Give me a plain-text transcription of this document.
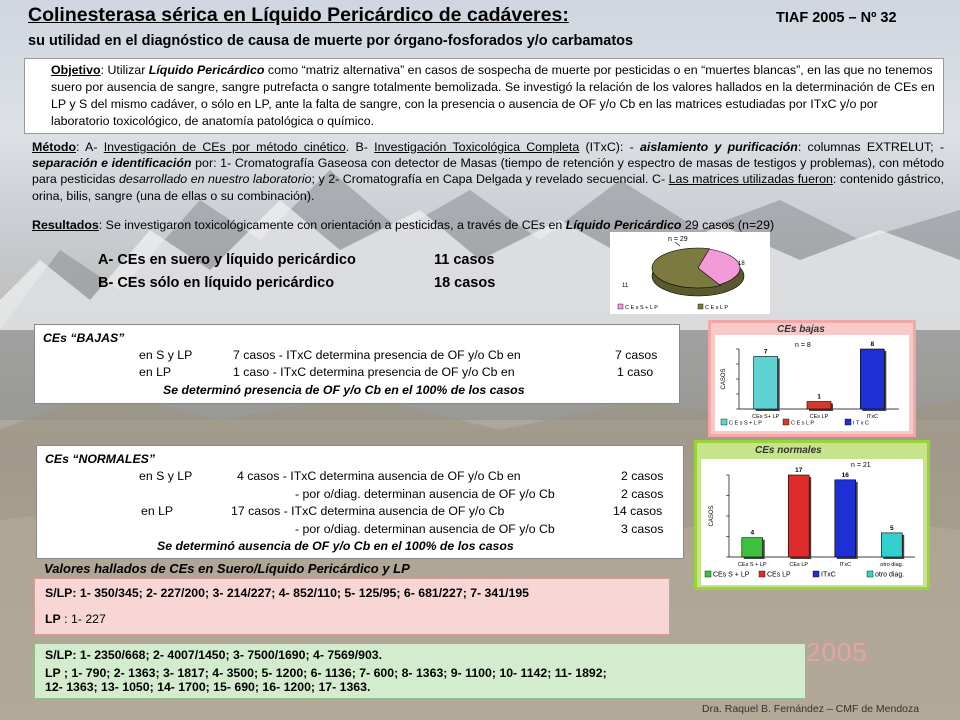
Colinesterasa sérica en Líquido Pericárdico de cadáveres:
su utilidad en el diagnóstico de causa de muerte por órgano-fosforados y/o carbamatos
TIAF 2005 – Nº 32
Objetivo: Utilizar Líquido Pericárdico como “matriz alternativa” en casos de sospecha de muerte por pesticidas o en “muertes blancas”, en las que no tenemos suero por ausencia de sangre, sangre putrefacta o sangre totalmente bemolizada. Se investigó la relación de los valores hallados en la determinación de CEs en LP y S del mismo cadáver, o sólo en LP, ante la falta de sangre, con la presencia o ausencia de OF y/o Cb en las matrices estudiadas por ITxC y/o por laboratorio toxicológico, de anatomía patológica o químico.
Método: A- Investigación de CEs por método cinético. B- Investigación Toxicológica Completa (ITxC): - aislamiento y purificación: columnas EXTRELUT; - separación e identificación por: 1- Cromatografía Gaseosa con detector de Masas (tiempo de retención y espectro de masas de testigos y problemas), con método para pesticidas desarrollado en nuestro laboratorio; y 2- Cromatografía en Capa Delgada y revelado secuencial. C- Las matrices utilizadas fueron: contenido gástrico, orina, bilis, sangre (una de ellas o su combinación).
Resultados: Se investigaron toxicológicamente con orientación a pesticidas, a través de CEs en Líquido Pericárdico 29 casos (n=29)
A- CEs en suero y líquido pericárdico	11 casos
B- CEs sólo en líquido pericárdico	18 casos
n = 29
11
18
C E s S + L P	C E s L P
CEs “BAJAS”
en S y LP	7 casos - ITxC determina presencia de OF y/o Cb en	7 casos
en LP	1 caso - ITxC determina presencia de OF y/o Cb en	1 caso
Se determinó presencia de OF y/o Cb en el 100% de los casos
CASOS
n = 8
7
CEs S+ LP
1
CEs LP
8
ITxC
C E s S + L P	C E s L P	I T x C
CEs bajas
CEs “NORMALES”
en S y LP	4 casos - ITxC determina ausencia de OF y/o Cb en	2 casos
- por o/diag. determinan ausencia de OF y/o Cb	2 casos
en LP	17 casos - ITxC determina ausencia de OF y/o Cb	14 casos
- por o/diag. determinan ausencia de OF y/o Cb	3 casos
Se determinó ausencia de OF y/o Cb en el 100% de los casos
CASOS
n = 21
4
CEs S + LP
17
CEs LP
16
ITxC
5
otro diag.
CEs S + LP	CEs LP	ITxC	otro diag.
CEs normales
Valores hallados de CEs en Suero/Líquido Pericárdico y LP
S/LP: 1- 350/345; 2- 227/200; 3- 214/227; 4- 852/110; 5- 125/95; 6- 681/227; 7- 341/195
LP : 1- 227
S/LP: 1- 2350/668; 2- 4007/1450; 3- 7500/1690; 4- 7569/903.
LP ; 1- 790; 2- 1363; 3- 1817; 4- 3500; 5- 1200; 6- 1136; 7- 600; 8- 1363; 9- 1100; 10- 1142; 11- 1892;
12- 1363; 13- 1050; 14- 1700; 15- 690; 16- 1200; 17- 1363.
2005
Dra. Raquel B. Fernández – CMF de Mendoza
